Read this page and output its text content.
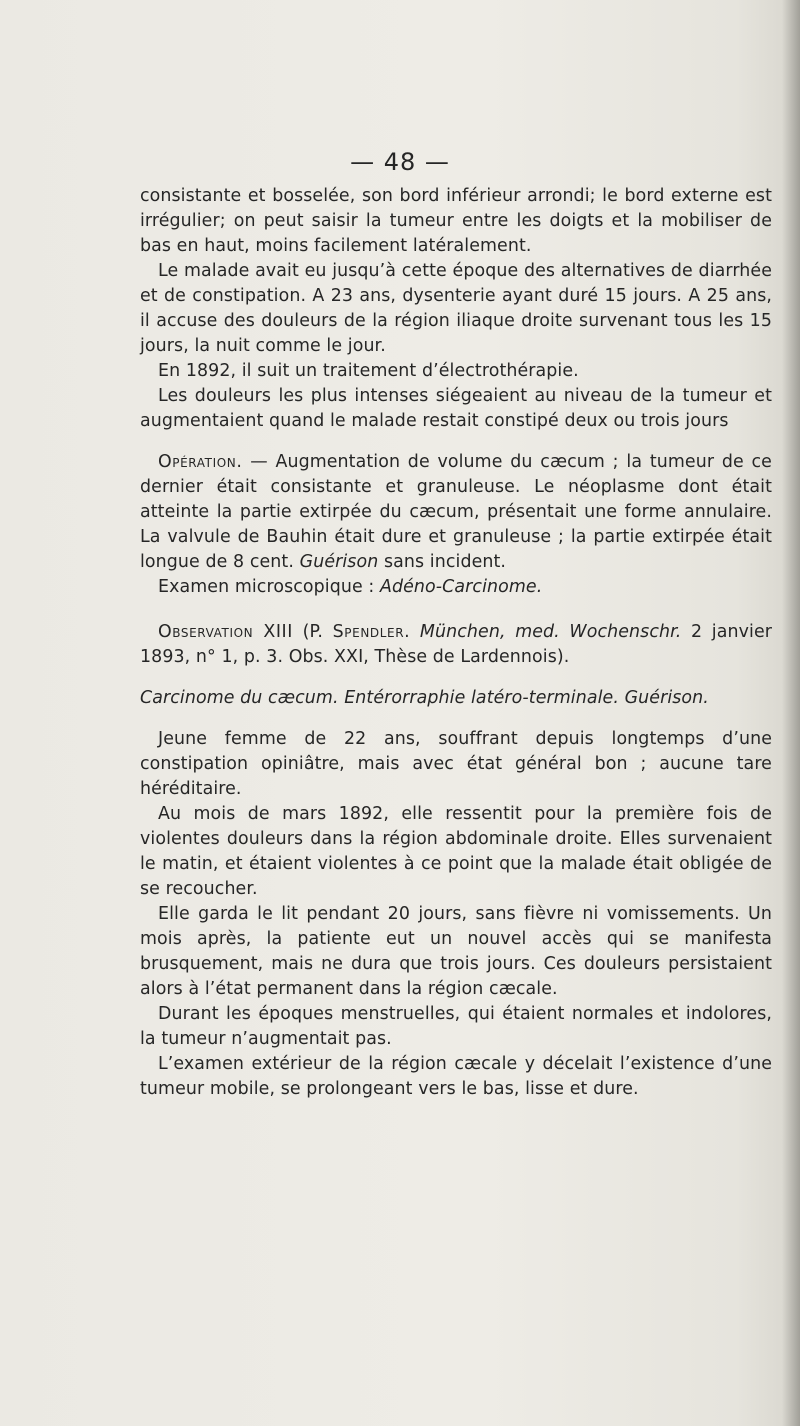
— 48 —

consistante et bosselée, son bord inférieur arrondi; le bord externe est irrégulier; on peut saisir la tumeur entre les doigts et la mobiliser de bas en haut, moins facilement latéralement.

Le malade avait eu jusqu’à cette époque des alternatives de diarrhée et de constipation. A 23 ans, dysenterie ayant duré 15 jours. A 25 ans, il accuse des douleurs de la région iliaque droite survenant tous les 15 jours, la nuit comme le jour.

En 1892, il suit un traitement d’électrothérapie.

Les douleurs les plus intenses siégeaient au niveau de la tumeur et augmentaient quand le malade restait constipé deux ou trois jours

Opération. — Augmentation de volume du cæcum ; la tumeur de ce dernier était consistante et granuleuse. Le néoplasme dont était atteinte la partie extirpée du cæcum, présentait une forme annulaire. La valvule de Bauhin était dure et granuleuse ; la partie extirpée était longue de 8 cent. Guérison sans incident.

Examen microscopique : Adéno-Carcinome.

Observation XIII (P. Spendler. München, med. Wochenschr. 2 janvier 1893, n° 1, p. 3. Obs. XXI, Thèse de Lardennois).

Carcinome du cæcum. Entérorraphie latéro-terminale. Guérison.

Jeune femme de 22 ans, souffrant depuis longtemps d’une constipation opiniâtre, mais avec état général bon ; aucune tare héréditaire.

Au mois de mars 1892, elle ressentit pour la première fois de violentes douleurs dans la région abdominale droite. Elles survenaient le matin, et étaient violentes à ce point que la malade était obligée de se recoucher.

Elle garda le lit pendant 20 jours, sans fièvre ni vomissements. Un mois après, la patiente eut un nouvel accès qui se manifesta brusquement, mais ne dura que trois jours. Ces douleurs persistaient alors à l’état permanent dans la région cæcale.

Durant les époques menstruelles, qui étaient normales et indolores, la tumeur n’augmentait pas.

L’examen extérieur de la région cæcale y décelait l’existence d’une tumeur mobile, se prolongeant vers le bas, lisse et dure.
